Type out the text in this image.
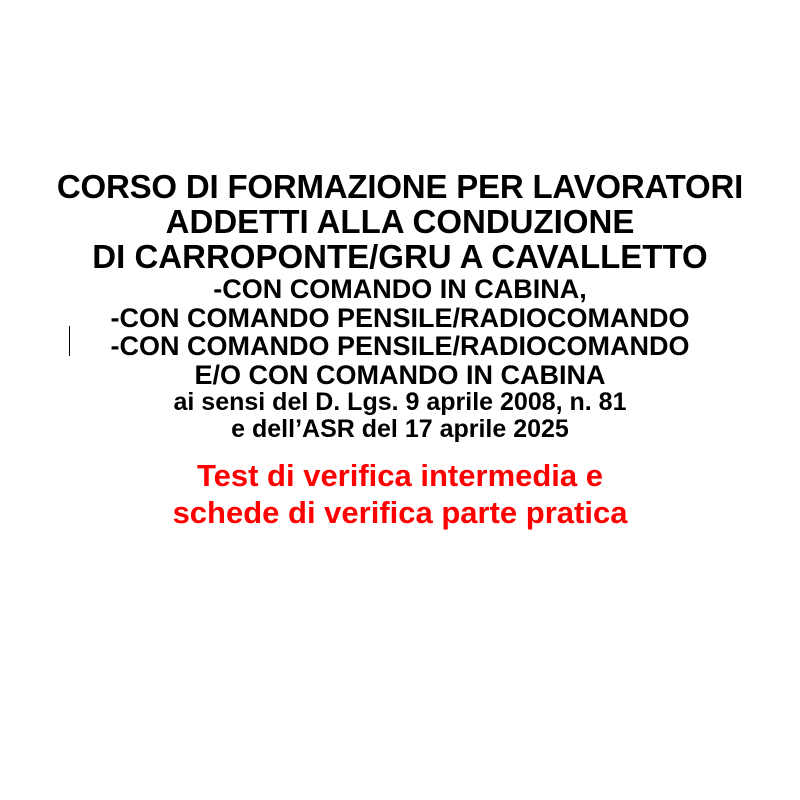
CORSO DI FORMAZIONE PER LAVORATORI
ADDETTI ALLA CONDUZIONE
DI CARROPONTE/GRU A CAVALLETTO
-CON COMANDO IN CABINA,
-CON COMANDO PENSILE/RADIOCOMANDO
-CON COMANDO PENSILE/RADIOCOMANDO
E/O CON COMANDO IN CABINA
ai sensi del D. Lgs. 9 aprile 2008, n. 81
e dell’ASR del 17 aprile 2025
Test di verifica intermedia e
schede di verifica parte pratica
